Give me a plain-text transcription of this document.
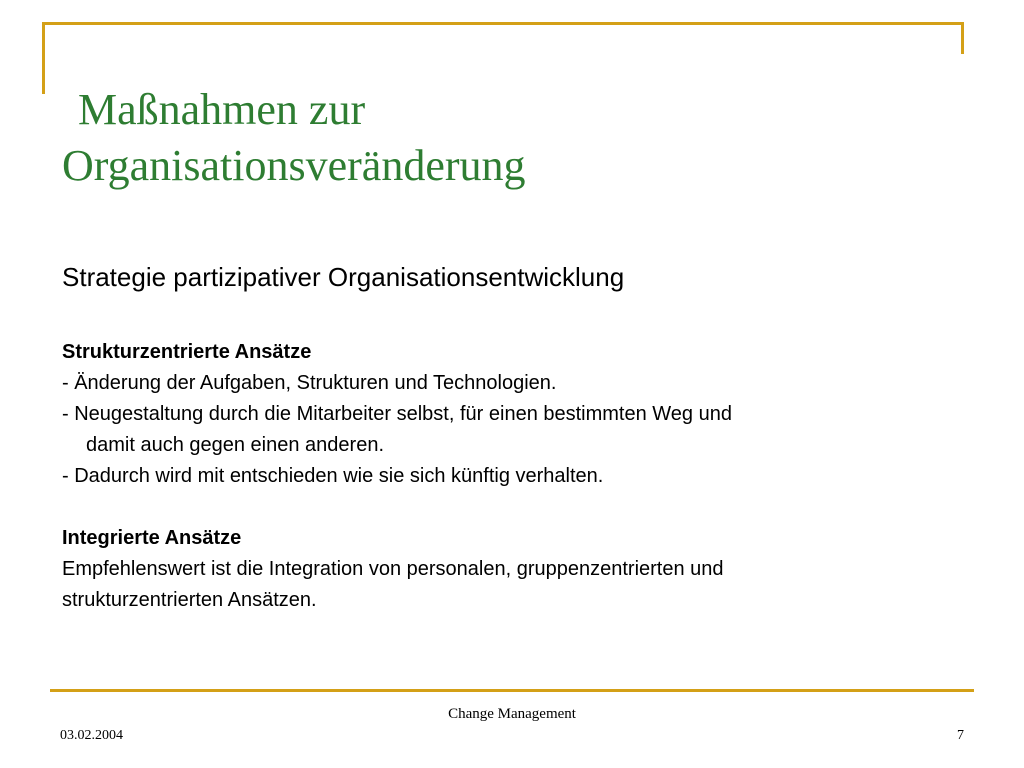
Maßnahmen zur
Organisationsveränderung

Strategie partizipativer Organisationsentwicklung

Strukturzentrierte Ansätze

- Änderung der Aufgaben, Strukturen und Technologien.

- Neugestaltung durch die Mitarbeiter selbst, für einen bestimmten Weg und

damit auch gegen einen anderen.

- Dadurch wird mit entschieden wie sie sich künftig verhalten.

Integrierte Ansätze

Empfehlenswert ist die Integration von personalen, gruppenzentrierten und

strukturzentrierten Ansätzen.

Change Management
03.02.2004	7
